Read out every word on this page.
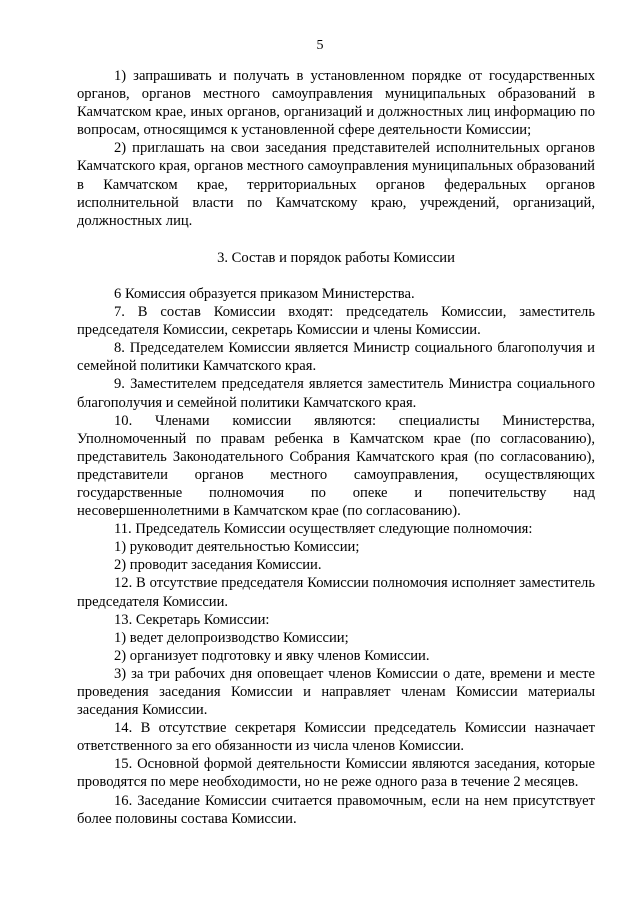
5

1) запрашивать и получать в установленном порядке от государственных органов, органов местного самоуправления муниципальных образований в Камчатском крае, иных органов, организаций и должностных лиц информацию по вопросам, относящимся к установленной сфере деятельности Комиссии;

2) приглашать на свои заседания представителей исполнительных органов Камчатского края, органов местного самоуправления муниципальных образований в Камчатском крае, территориальных органов федеральных органов исполнительной власти по Камчатскому краю, учреждений, организаций, должностных лиц.

3. Состав и порядок работы Комиссии

6 Комиссия образуется приказом Министерства.

7. В состав Комиссии входят: председатель Комиссии, заместитель председателя Комиссии, секретарь Комиссии и члены Комиссии.

8. Председателем Комиссии является Министр социального благополучия и семейной политики Камчатского края.

9. Заместителем председателя является заместитель Министра социального благополучия и семейной политики Камчатского края.

10. Членами комиссии являются: специалисты Министерства, Уполномоченный по правам ребенка в Камчатском крае (по согласованию), представитель Законодательного Собрания Камчатского края (по согласованию), представители органов местного самоуправления, осуществляющих государственные полномочия по опеке и попечительству над несовершеннолетними в Камчатском крае (по согласованию).

11. Председатель Комиссии осуществляет следующие полномочия:

1) руководит деятельностью Комиссии;

2) проводит заседания Комиссии.

12. В отсутствие председателя Комиссии полномочия исполняет заместитель председателя Комиссии.

13. Секретарь Комиссии:

1) ведет делопроизводство Комиссии;

2) организует подготовку и явку членов Комиссии.

3) за три рабочих дня оповещает членов Комиссии о дате, времени и месте проведения заседания Комиссии и направляет членам Комиссии материалы заседания Комиссии.

14. В отсутствие секретаря Комиссии председатель Комиссии назначает ответственного за его обязанности из числа членов Комиссии.

15. Основной формой деятельности Комиссии являются заседания, которые проводятся по мере необходимости, но не реже одного раза в течение 2 месяцев.

16. Заседание Комиссии считается правомочным, если на нем присутствует более половины состава Комиссии.
